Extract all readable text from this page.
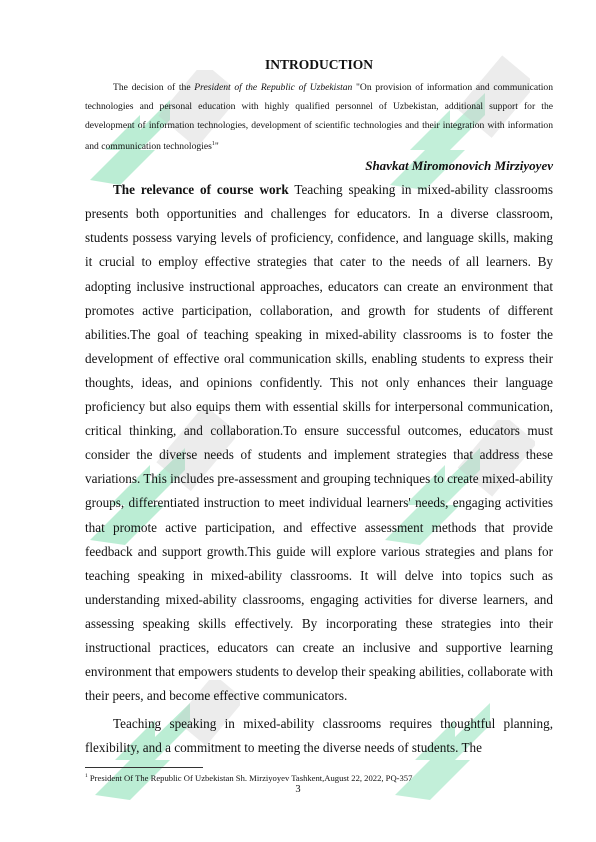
INTRODUCTION

The decision of the President of the Republic of Uzbekistan "On provision of information and communication technologies and personal education with highly qualified personnel of Uzbekistan, additional support for the development of information technologies, development of scientific technologies and their integration with information and communication technologies$^1$"

Shavkat Miromonovich Mirziyoyev

The relevance of course work Teaching speaking in mixed-ability classrooms presents both opportunities and challenges for educators. In a diverse classroom, students possess varying levels of proficiency, confidence, and language skills, making it crucial to employ effective strategies that cater to the needs of all learners. By adopting inclusive instructional approaches, educators can create an environment that promotes active participation, collaboration, and growth for students of different abilities.The goal of teaching speaking in mixed-ability classrooms is to foster the development of effective oral communication skills, enabling students to express their thoughts, ideas, and opinions confidently. This not only enhances their language proficiency but also equips them with essential skills for interpersonal communication, critical thinking, and collaboration.To ensure successful outcomes, educators must consider the diverse needs of students and implement strategies that address these variations. This includes pre-assessment and grouping techniques to create mixed-ability groups, differentiated instruction to meet individual learners' needs, engaging activities that promote active participation, and effective assessment methods that provide feedback and support growth.This guide will explore various strategies and plans for teaching speaking in mixed-ability classrooms. It will delve into topics such as understanding mixed-ability classrooms, engaging activities for diverse learners, and assessing speaking skills effectively. By incorporating these strategies into their instructional practices, educators can create an inclusive and supportive learning environment that empowers students to develop their speaking abilities, collaborate with their peers, and become effective communicators.

Teaching speaking in mixed-ability classrooms requires thoughtful planning, flexibility, and a commitment to meeting the diverse needs of students. The

$^1$ President Of The Republic Of Uzbekistan Sh. Mirziyoyev Tashkent,August 22, 2022, PQ-357
3
